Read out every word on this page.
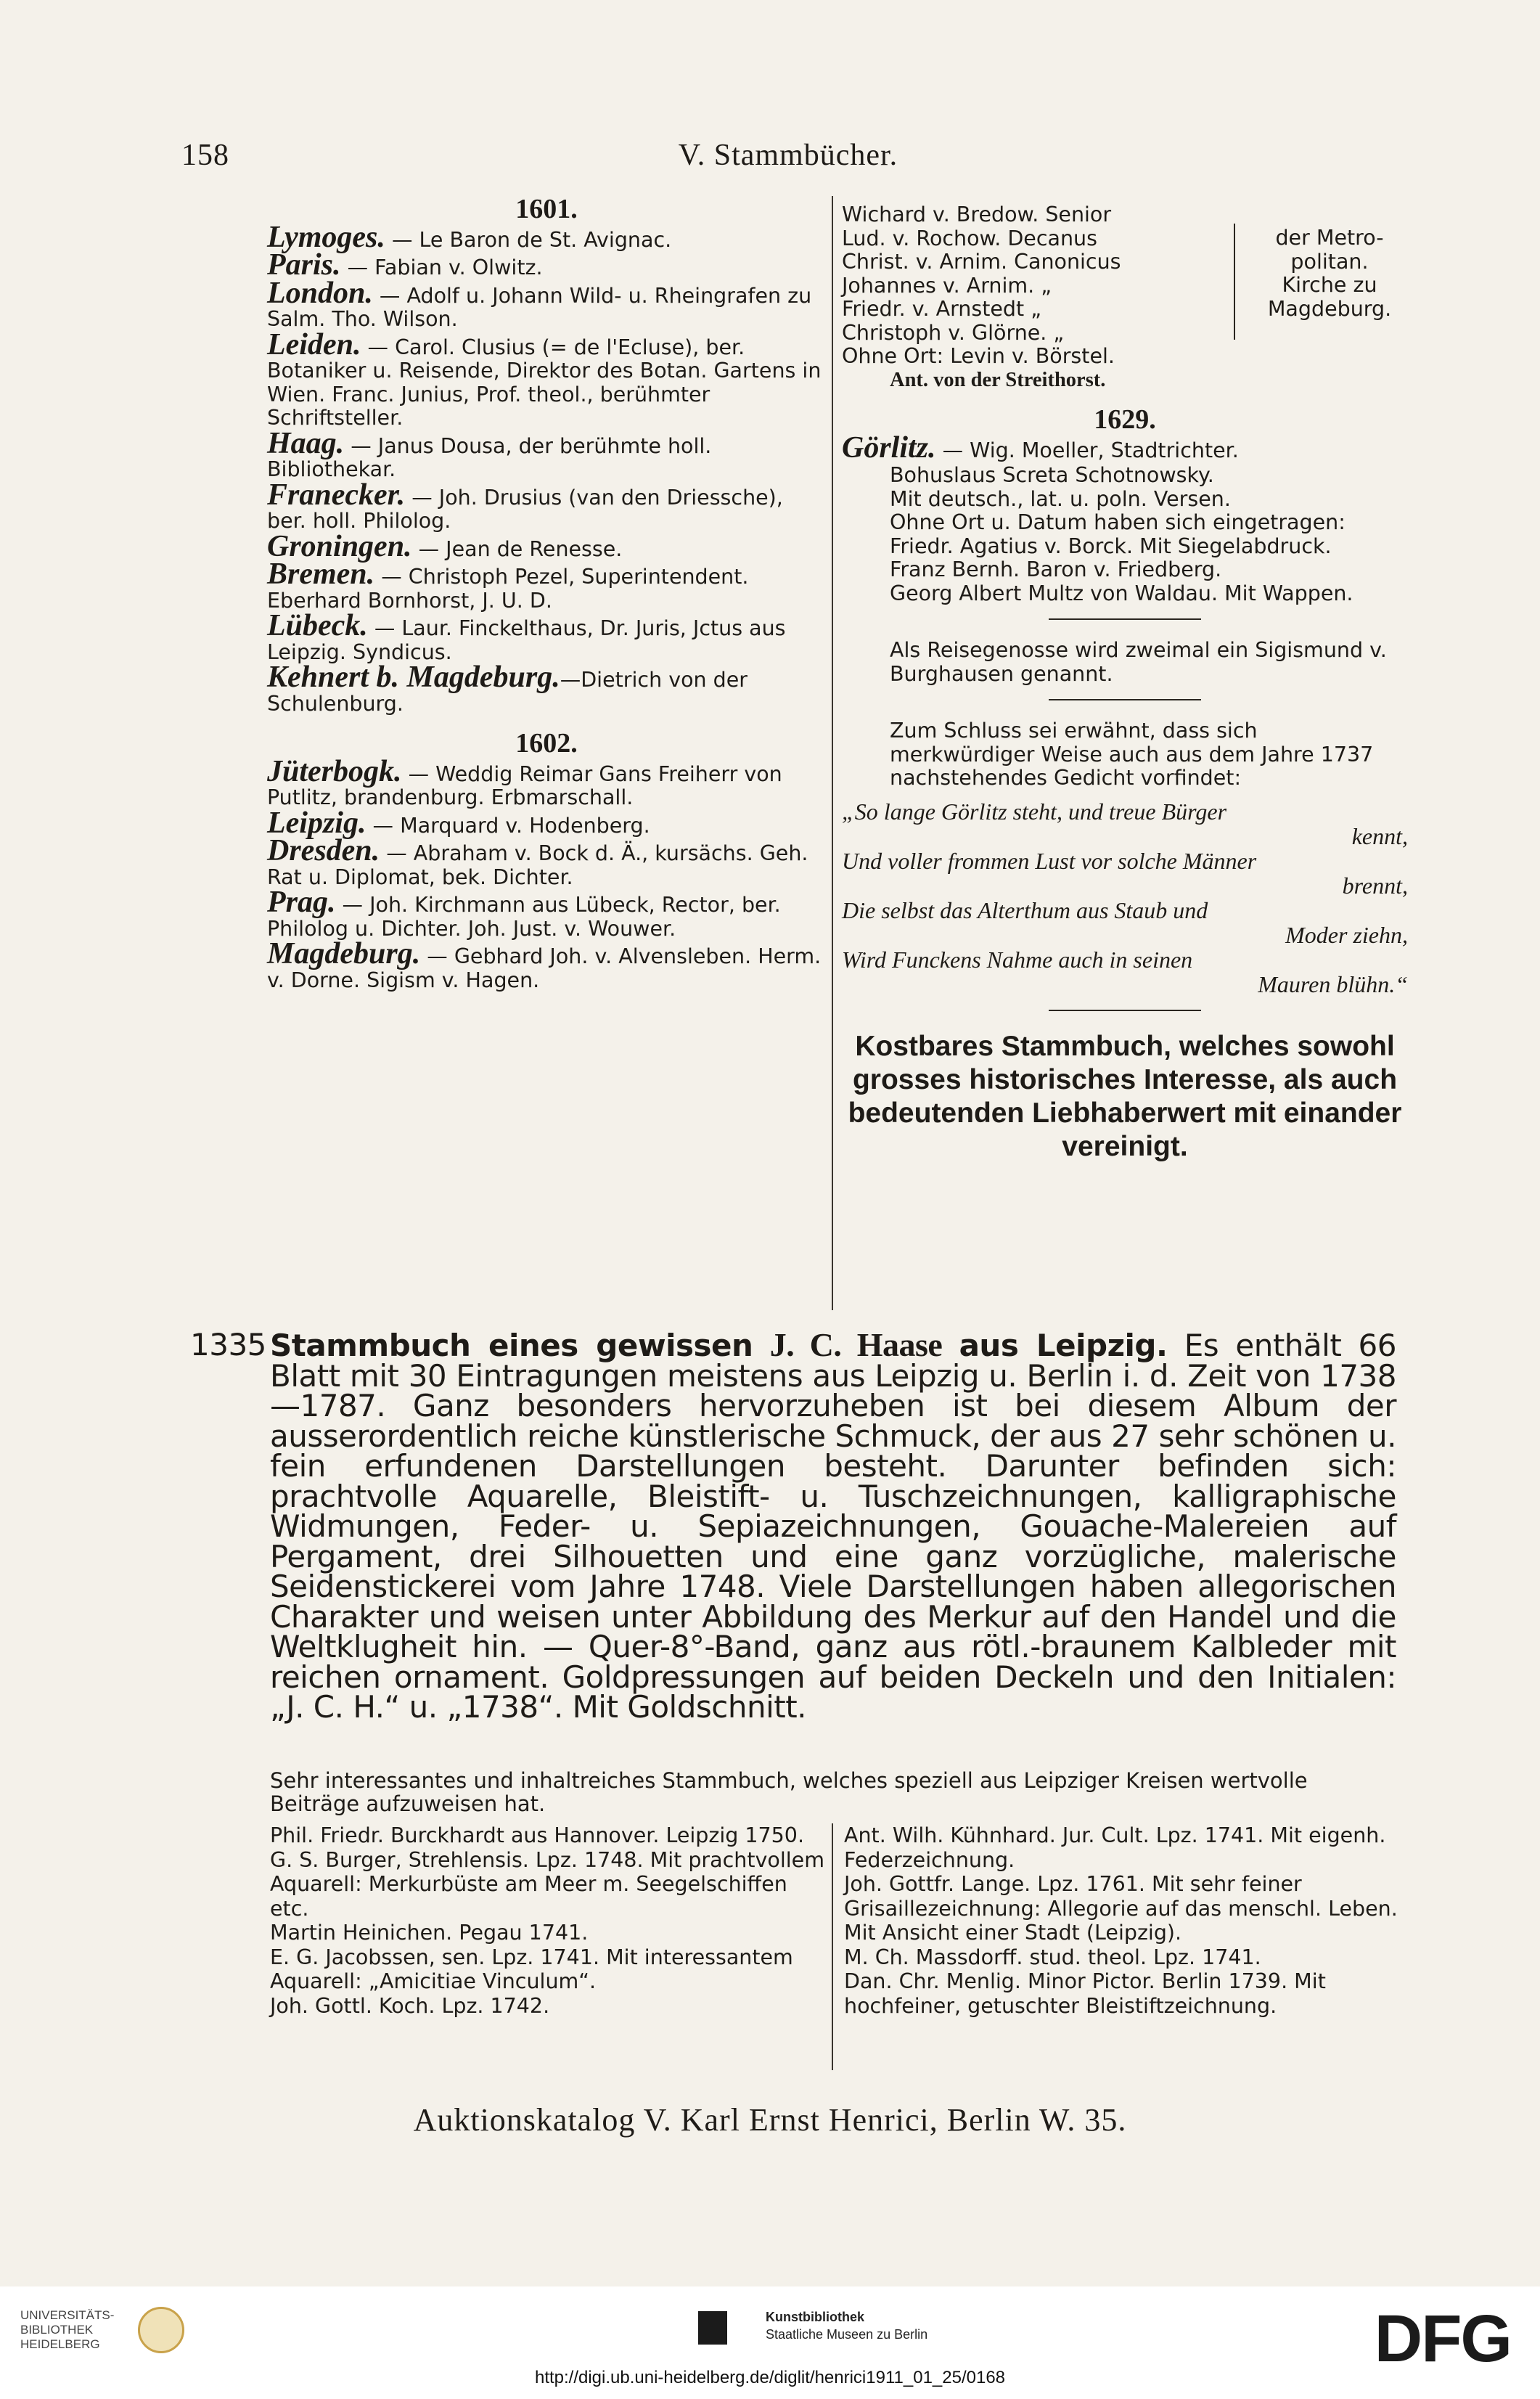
158	V. Stammbücher.
1601.
Lymoges. — Le Baron de St. Avignac.
Paris. — Fabian v. Olwitz.
London. — Adolf u. Johann Wild- u. Rheingrafen zu Salm. Tho. Wilson.
Leiden. — Carol. Clusius (= de l'Ecluse), ber. Botaniker u. Reisende, Direktor des Botan. Gartens in Wien. Franc. Junius, Prof. theol., berühmter Schriftsteller.
Haag. — Janus Dousa, der berühmte holl. Bibliothekar.
Franecker. — Joh. Drusius (van den Driessche), ber. holl. Philolog.
Groningen. — Jean de Renesse.
Bremen. — Christoph Pezel, Superintendent. Eberhard Bornhorst, J. U. D.
Lübeck. — Laur. Finckelthaus, Dr. Juris, Jctus aus Leipzig. Syndicus.
Kehnert b. Magdeburg.—Dietrich von der Schulenburg.
1602.
Jüterbogk. — Weddig Reimar Gans Freiherr von Putlitz, brandenburg. Erbmarschall.
Leipzig. — Marquard v. Hodenberg.
Dresden. — Abraham v. Bock d. Ä., kursächs. Geh. Rat u. Diplomat, bek. Dichter.
Prag. — Joh. Kirchmann aus Lübeck, Rector, ber. Philolog u. Dichter. Joh. Just. v. Wouwer.
Magdeburg. — Gebhard Joh. v. Alvensleben. Herm. v. Dorne. Sigism v. Hagen.
Wichard v. Bredow. Senior
Lud. v. Rochow. Decanus
Christ. v. Arnim. Canonicus
Johannes v. Arnim. „
Friedr. v. Arnstedt „
Christoph v. Glörne. „
der Metro-
politan.
Kirche zu
Magdeburg.
Ohne Ort: Levin v. Börstel.
Ant. von der Streithorst.
1629.
Görlitz. — Wig. Moeller, Stadtrichter.
Bohuslaus Screta Schotnowsky.
Mit deutsch., lat. u. poln. Versen.
Ohne Ort u. Datum haben sich eingetragen:
Friedr. Agatius v. Borck. Mit Siegelabdruck.
Franz Bernh. Baron v. Friedberg.
Georg Albert Multz von Waldau. Mit Wappen.
Als Reisegenosse wird zweimal ein Sigismund v. Burghausen genannt.
Zum Schluss sei erwähnt, dass sich merkwürdiger Weise auch aus dem Jahre 1737 nachstehendes Gedicht vorfindet:
„So lange Görlitz steht, und treue Bürger
kennt,
Und voller frommen Lust vor solche Männer
brennt,
Die selbst das Alterthum aus Staub und
Moder ziehn,
Wird Funckens Nahme auch in seinen
Mauren blühn.“
Kostbares Stammbuch, welches sowohl grosses historisches Interesse, als auch bedeutenden Liebhaberwert mit einander vereinigt.
1335 Stammbuch eines gewissen J. C. Haase aus Leipzig. Es enthält 66 Blatt mit 30 Eintragungen meistens aus Leipzig u. Berlin i. d. Zeit von 1738—1787. Ganz besonders hervorzuheben ist bei diesem Album der ausserordentlich reiche künstlerische Schmuck, der aus 27 sehr schönen u. fein erfundenen Darstellungen besteht. Darunter befinden sich: prachtvolle Aquarelle, Bleistift- u. Tuschzeichnungen, kalligraphische Widmungen, Feder- u. Sepiazeichnungen, Gouache-Malereien auf Pergament, drei Silhouetten und eine ganz vorzügliche, malerische Seidenstickerei vom Jahre 1748. Viele Darstellungen haben allegorischen Charakter und weisen unter Abbildung des Merkur auf den Handel und die Weltklugheit hin. — Quer-8°-Band, ganz aus rötl.-braunem Kalbleder mit reichen ornament. Goldpressungen auf beiden Deckeln und den Initialen: „J. C. H.“ u. „1738“. Mit Goldschnitt.
Sehr interessantes und inhaltreiches Stammbuch, welches speziell aus Leipziger Kreisen wertvolle Beiträge aufzuweisen hat.
Phil. Friedr. Burckhardt aus Hannover. Leipzig 1750.
G. S. Burger, Strehlensis. Lpz. 1748. Mit prachtvollem Aquarell: Merkurbüste am Meer m. Seegelschiffen etc.
Martin Heinichen. Pegau 1741.
E. G. Jacobssen, sen. Lpz. 1741. Mit interessantem Aquarell: „Amicitiae Vinculum“.
Joh. Gottl. Koch. Lpz. 1742.
Ant. Wilh. Kühnhard. Jur. Cult. Lpz. 1741. Mit eigenh. Federzeichnung.
Joh. Gottfr. Lange. Lpz. 1761. Mit sehr feiner Grisaillezeichnung: Allegorie auf das menschl. Leben. Mit Ansicht einer Stadt (Leipzig).
M. Ch. Massdorff. stud. theol. Lpz. 1741.
Dan. Chr. Menlig. Minor Pictor. Berlin 1739. Mit hochfeiner, getuschter Bleistiftzeichnung.
Auktionskatalog V. Karl Ernst Henrici, Berlin W. 35.
UNIVERSITÄTS-
BIBLIOTHEK
HEIDELBERG
Kunstbibliothek
Staatliche Museen zu Berlin	DFG
http://digi.ub.uni-heidelberg.de/diglit/henrici1911_01_25/0168
